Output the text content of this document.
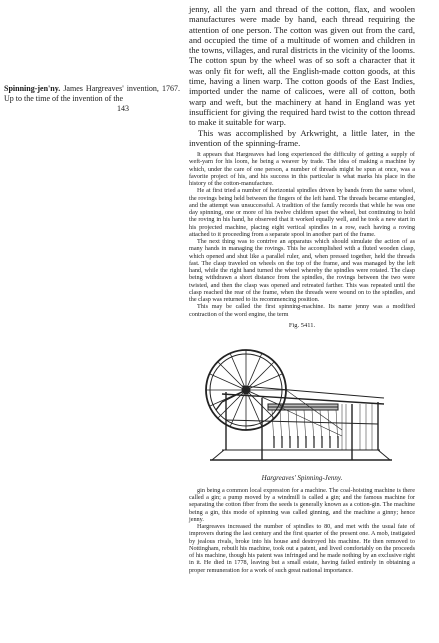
Spinning-jen'ny. James Hargreaves' invention, 1767. Up to the time of the invention of the
143

jenny, all the yarn and thread of the cotton, flax, and woolen manufactures were made by hand, each thread requiring the attention of one person. The cotton was given out from the card, and occupied the time of a multitude of women and children in the towns, villages, and rural districts in the vicinity of the looms. The cotton spun by the wheel was of so soft a character that it was only fit for weft, all the English-made cotton goods, at this time, having a linen warp. The cotton goods of the East Indies, imported under the name of calicoes, were all of cotton, both warp and weft, but the machinery at hand in England was yet insufficient for giving the required hard twist to the cotton thread to make it suitable for warp.

This was accomplished by Arkwright, a little later, in the invention of the spinning-frame.

It appears that Hargreaves had long experienced the difficulty of getting a supply of weft-yarn for his loom, he being a weaver by trade. The idea of making a machine by which, under the care of one person, a number of threads might be spun at once, was a favorite project of his, and his success in this particular is what marks his place in the history of the cotton-manufacture.

He at first tried a number of horizontal spindles driven by bands from the same wheel, the rovings being held between the fingers of the left hand. The threads became entangled, and the attempt was unsuccessful. A tradition of the family records that while he was one day spinning, one or more of his twelve children upset the wheel, but continuing to hold the roving in his hand, he observed that it worked equally well, and he took a new start in his projected machine, placing eight vertical spindles in a row, each having a roving attached to it proceeding from a separate spool in another part of the frame.

The next thing was to contrive an apparatus which should simulate the action of as many hands in managing the rovings. This he accomplished with a fluted wooden clasp, which opened and shut like a parallel ruler, and, when pressed together, held the threads fast. The clasp traveled on wheels on the top of the frame, and was managed by the left hand, while the right hand turned the wheel whereby the spindles were rotated. The clasp being withdrawn a short distance from the spindles, the rovings between the two were twisted, and then the clasp was opened and retreated farther. This was repeated until the clasp reached the rear of the frame, when the threads were wound on to the spindles, and the clasp was returned to its recommencing position.

This may be called the first spinning-machine. Its name jenny was a modified contraction of the word engine, the term

Fig. 5411.
Hargreaves' Spinning-Jenny.

gin being a common local expression for a machine. The coal-hoisting machine is there called a gin; a pump moved by a windmill is called a gin; and the famous machine for separating the cotton fiber from the seeds is generally known as a cotton-gin. The machine being a gin, this mode of spinning was called ginning, and the machine a ginny; hence jenny.

Hargreaves increased the number of spindles to 80, and met with the usual fate of improvers during the last century and the first quarter of the present one. A mob, instigated by jealous rivals, broke into his house and destroyed his machine. He then removed to Nottingham, rebuilt his machine, took out a patent, and lived comfortably on the proceeds of his machine, though his patent was infringed and he made nothing by an exclusive right in it. He died in 1778, leaving but a small estate, having failed entirely in obtaining a proper remuneration for a work of such great national importance.
